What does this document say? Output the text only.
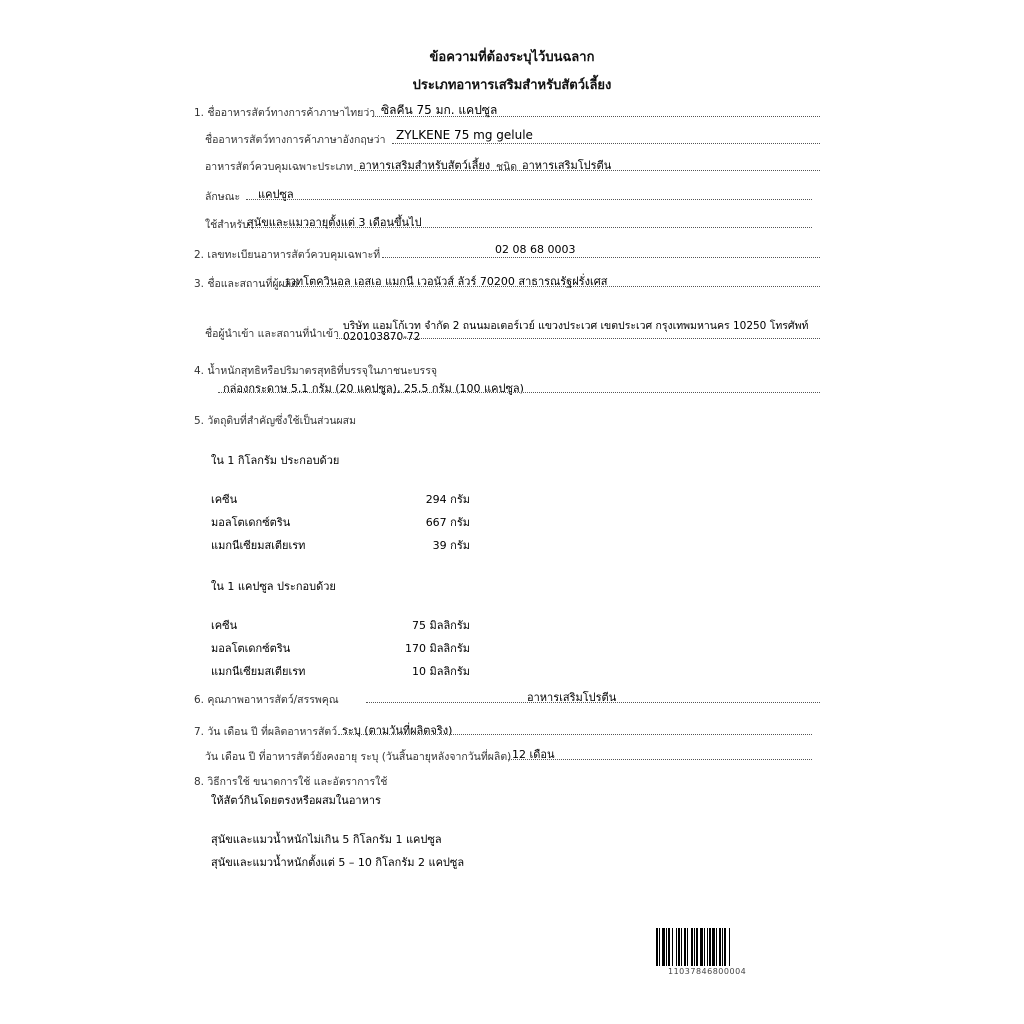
ข้อความที่ต้องระบุไว้บนฉลาก
ประเภทอาหารเสริมสำหรับสัตว์เลี้ยง
1. ชื่ออาหารสัตว์ทางการค้าภาษาไทยว่า ซิลคีน 75 มก. แคปซูล
ชื่ออาหารสัตว์ทางการค้าภาษาอังกฤษว่า ZYLKENE 75 mg gelule
อาหารสัตว์ควบคุมเฉพาะประเภท อาหารเสริมสำหรับสัตว์เลี้ยง ชนิด อาหารเสริมโปรตีน
ลักษณะ แคปซูล
ใช้สำหรับ
สุนัขและแมวอายุตั้งแต่ 3 เดือนขึ้นไป
2. เลขทะเบียนอาหารสัตว์ควบคุมเฉพาะที่	02 08 68 0003
3. ชื่อและสถานที่ผู้ผลิต
เวทโตควินอล เอสเอ แมกนี เวอนัวส์ ลัวร์ 70200 สาธารณรัฐฝรั่งเศส
ชื่อผู้นำเข้า และสถานที่นำเข้า
บริษัท แอมโก้เวท จำกัด 2 ถนนมอเตอร์เวย์ แขวงประเวศ เขตประเวศ กรุงเทพมหานคร 10250 โทรศัพท์
020103870-72
4. น้ำหนักสุทธิหรือปริมาตรสุทธิที่บรรจุในภาชนะบรรจุ
กล่องกระดาษ 5.1 กรัม (20 แคปซูล), 25.5 กรัม (100 แคปซูล)
5. วัตถุดิบที่สำคัญซึ่งใช้เป็นส่วนผสม
ใน 1 กิโลกรัม ประกอบด้วย
เคซีน	294 กรัม
มอลโตเดกซ์ตริน	667 กรัม
แมกนีเซียมสเตียเรท	39 กรัม
ใน 1 แคปซูล ประกอบด้วย
เคซีน	75 มิลลิกรัม
มอลโตเดกซ์ตริน	170 มิลลิกรัม
แมกนีเซียมสเตียเรท	10 มิลลิกรัม
6. คุณภาพอาหารสัตว์/สรรพคุณ	อาหารเสริมโปรตีน
7. วัน เดือน ปี ที่ผลิตอาหารสัตว์ ระบุ (ตามวันที่ผลิตจริง)
วัน เดือน ปี ที่อาหารสัตว์ยังคงอายุ ระบุ (วันสิ้นอายุหลังจากวันที่ผลิต) 12 เดือน
8. วิธีการใช้ ขนาดการใช้ และอัตราการใช้
ให้สัตว์กินโดยตรงหรือผสมในอาหาร
สุนัขและแมวน้ำหนักไม่เกิน 5 กิโลกรัม 1 แคปซูล
สุนัขและแมวน้ำหนักตั้งแต่ 5 – 10 กิโลกรัม 2 แคปซูล
11037846800004
